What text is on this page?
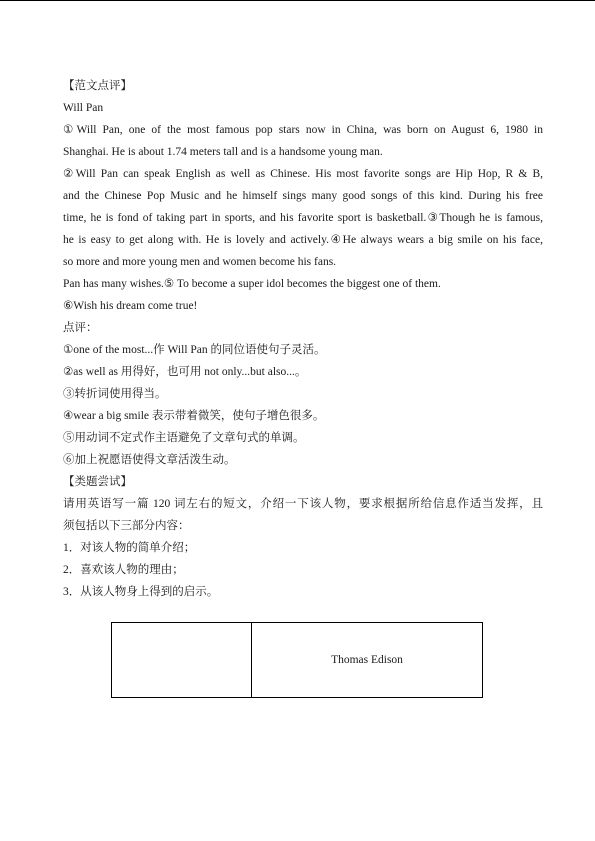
【范文点评】
Will Pan
①Will Pan, one of the most famous pop stars now in China, was born on August 6, 1980 in
Shanghai. He is about 1.74 meters tall and is a handsome young man.
②Will Pan can speak English as well as Chinese. His most favorite songs are Hip Hop, R & B,
and the Chinese Pop Music and he himself sings many good songs of this kind. During his free
time, he is fond of taking part in sports, and his favorite sport is basketball.③Though he is famous,
he is easy to get along with. He is lovely and actively.④He always wears a big smile on his face,
so more and more young men and women become his fans.
Pan has many wishes.⑤ To become a super idol becomes the biggest one of them.
⑥Wish his dream come true!
点评：
①one of the most...作 Will Pan 的同位语使句子灵活。
②as well as 用得好，也可用 not only...but also...。
③转折词使用得当。
④wear a big smile 表示带着微笑，使句子增色很多。
⑤用动词不定式作主语避免了文章句式的单调。
⑥加上祝愿语使得文章活泼生动。
【类题尝试】
请用英语写一篇 120 词左右的短文，介绍一下该人物，要求根据所给信息作适当发挥，且
须包括以下三部分内容：
1．对该人物的简单介绍；
2．喜欢该人物的理由；
3．从该人物身上得到的启示。
	Thomas Edison
